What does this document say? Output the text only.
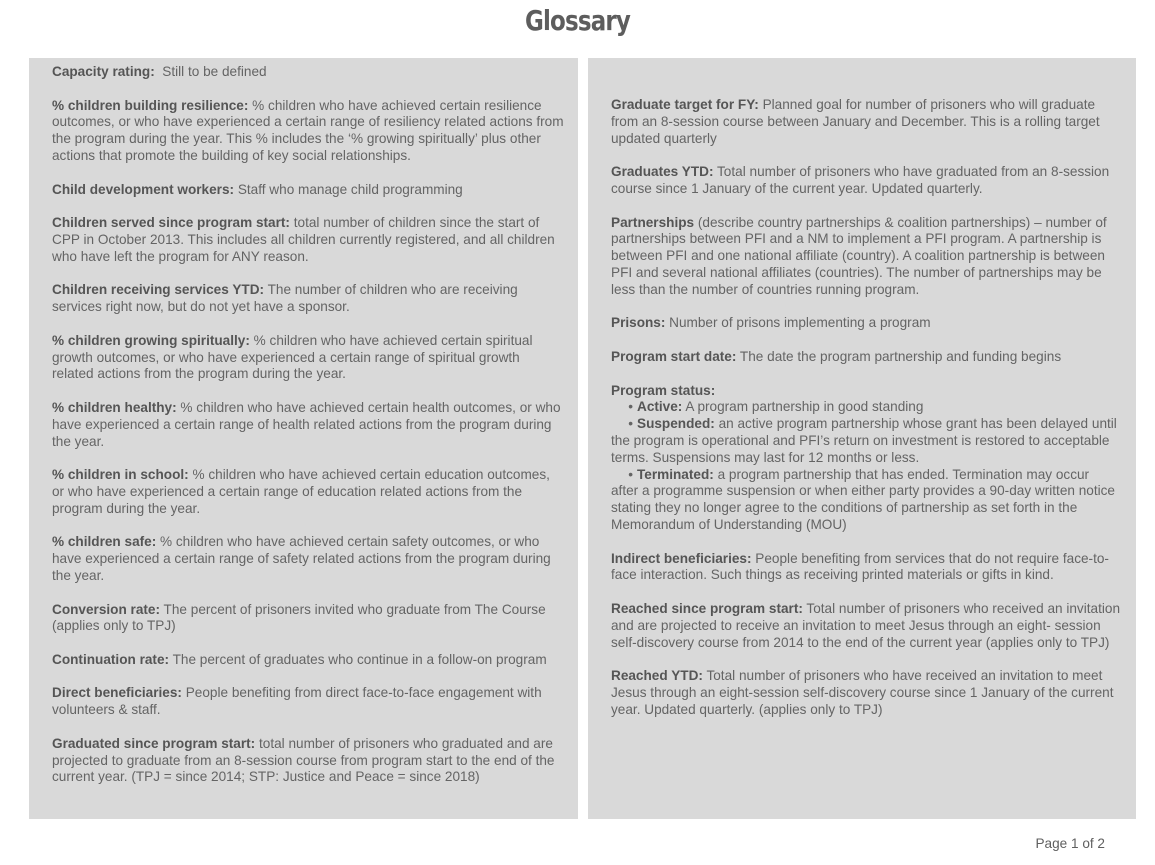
Glossary

Capacity rating:  Still to be defined

% children building resilience: % children who have achieved certain resilience outcomes, or who have experienced a certain range of resiliency related actions from the program during the year. This % includes the ‘% growing spiritually’ plus other actions that promote the building of key social relationships.

Child development workers: Staff who manage child programming

Children served since program start: total number of children since the start of CPP in October 2013. This includes all children currently registered, and all children who have left the program for ANY reason.

Children receiving services YTD: The number of children who are receiving services right now, but do not yet have a sponsor.

% children growing spiritually: % children who have achieved certain spiritual growth outcomes, or who have experienced a certain range of spiritual growth related actions from the program during the year.

% children healthy: % children who have achieved certain health outcomes, or who have experienced a certain range of health related actions from the program during the year.

% children in school: % children who have achieved certain education outcomes, or who have experienced a certain range of education related actions from the program during the year.

% children safe: % children who have achieved certain safety outcomes, or who have experienced a certain range of safety related actions from the program during the year.

Conversion rate: The percent of prisoners invited who graduate from The Course (applies only to TPJ)

Continuation rate: The percent of graduates who continue in a follow-on program

Direct beneficiaries: People benefiting from direct face-to-face engagement with volunteers & staff.

Graduated since program start: total number of prisoners who graduated and are projected to graduate from an 8-session course from program start to the end of the current year. (TPJ = since 2014; STP: Justice and Peace = since 2018)

Graduate target for FY: Planned goal for number of prisoners who will graduate from an 8-session course between January and December. This is a rolling target updated quarterly

Graduates YTD: Total number of prisoners who have graduated from an 8-session course since 1 January of the current year. Updated quarterly.

Partnerships (describe country partnerships & coalition partnerships) – number of partnerships between PFI and a NM to implement a PFI program. A partnership is between PFI and one national affiliate (country). A coalition partnership is between PFI and several national affiliates (countries). The number of partnerships may be less than the number of countries running program.

Prisons: Number of prisons implementing a program

Program start date: The date the program partnership and funding begins

Program status:

• Active: A program partnership in good standing

• Suspended: an active program partnership whose grant has been delayed until the program is operational and PFI’s return on investment is restored to acceptable terms. Suspensions may last for 12 months or less.

• Terminated: a program partnership that has ended. Termination may occur after a programme suspension or when either party provides a 90-day written notice stating they no longer agree to the conditions of partnership as set forth in the Memorandum of Understanding (MOU)

Indirect beneficiaries: People benefiting from services that do not require face-to-face interaction. Such things as receiving printed materials or gifts in kind.

Reached since program start: Total number of prisoners who received an invitation and are projected to receive an invitation to meet Jesus through an eight- session self-discovery course from 2014 to the end of the current year (applies only to TPJ)

Reached YTD: Total number of prisoners who have received an invitation to meet Jesus through an eight-session self-discovery course since 1 January of the current year. Updated quarterly. (applies only to TPJ)

Page 1 of 2
